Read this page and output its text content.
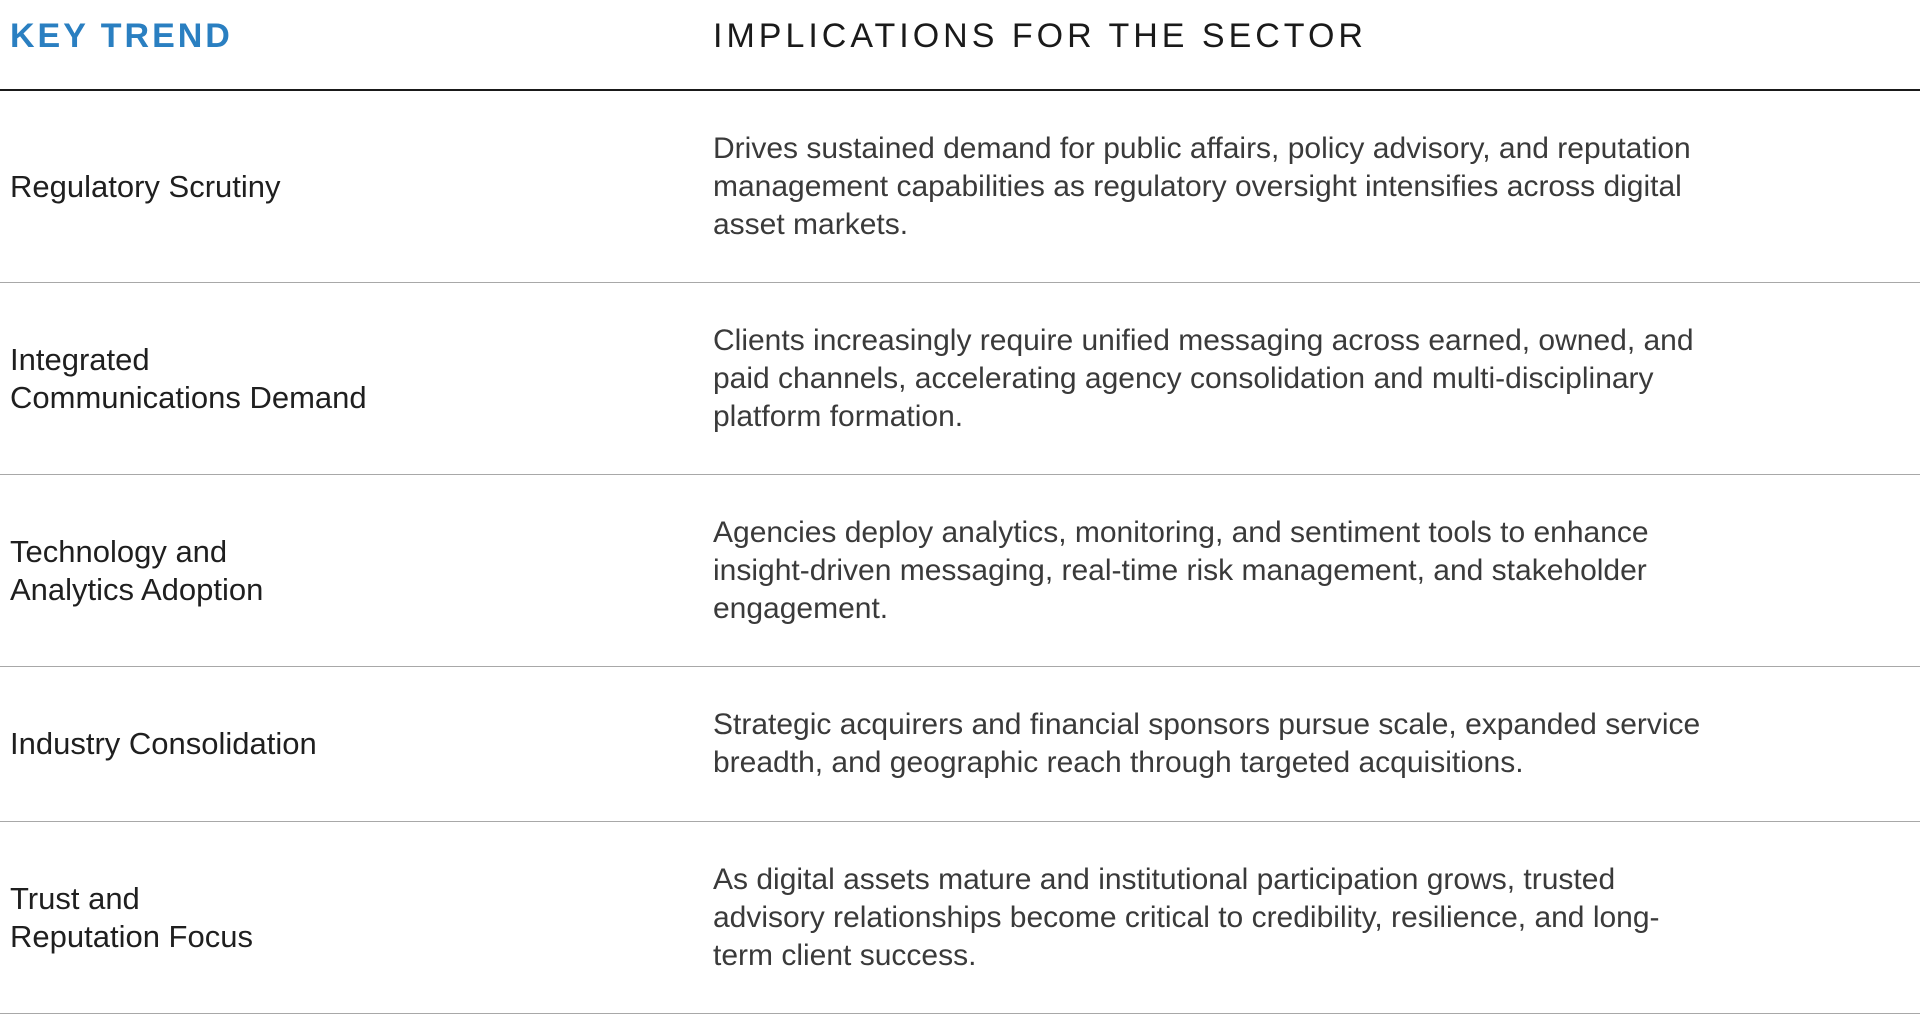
KEY TREND	IMPLICATIONS FOR THE SECTOR
Regulatory Scrutiny
Drives sustained demand for public affairs, policy advisory, and reputation management capabilities as regulatory oversight intensifies across digital asset markets.
Integrated
Communications Demand
Clients increasingly require unified messaging across earned, owned, and paid channels, accelerating agency consolidation and multi-disciplinary platform formation.
Technology and
Analytics Adoption
Agencies deploy analytics, monitoring, and sentiment tools to enhance insight-driven messaging, real-time risk management, and stakeholder engagement.
Industry Consolidation
Strategic acquirers and financial sponsors pursue scale, expanded service breadth, and geographic reach through targeted acquisitions.
Trust and
Reputation Focus
As digital assets mature and institutional participation grows, trusted advisory relationships become critical to credibility, resilience, and long-term client success.
